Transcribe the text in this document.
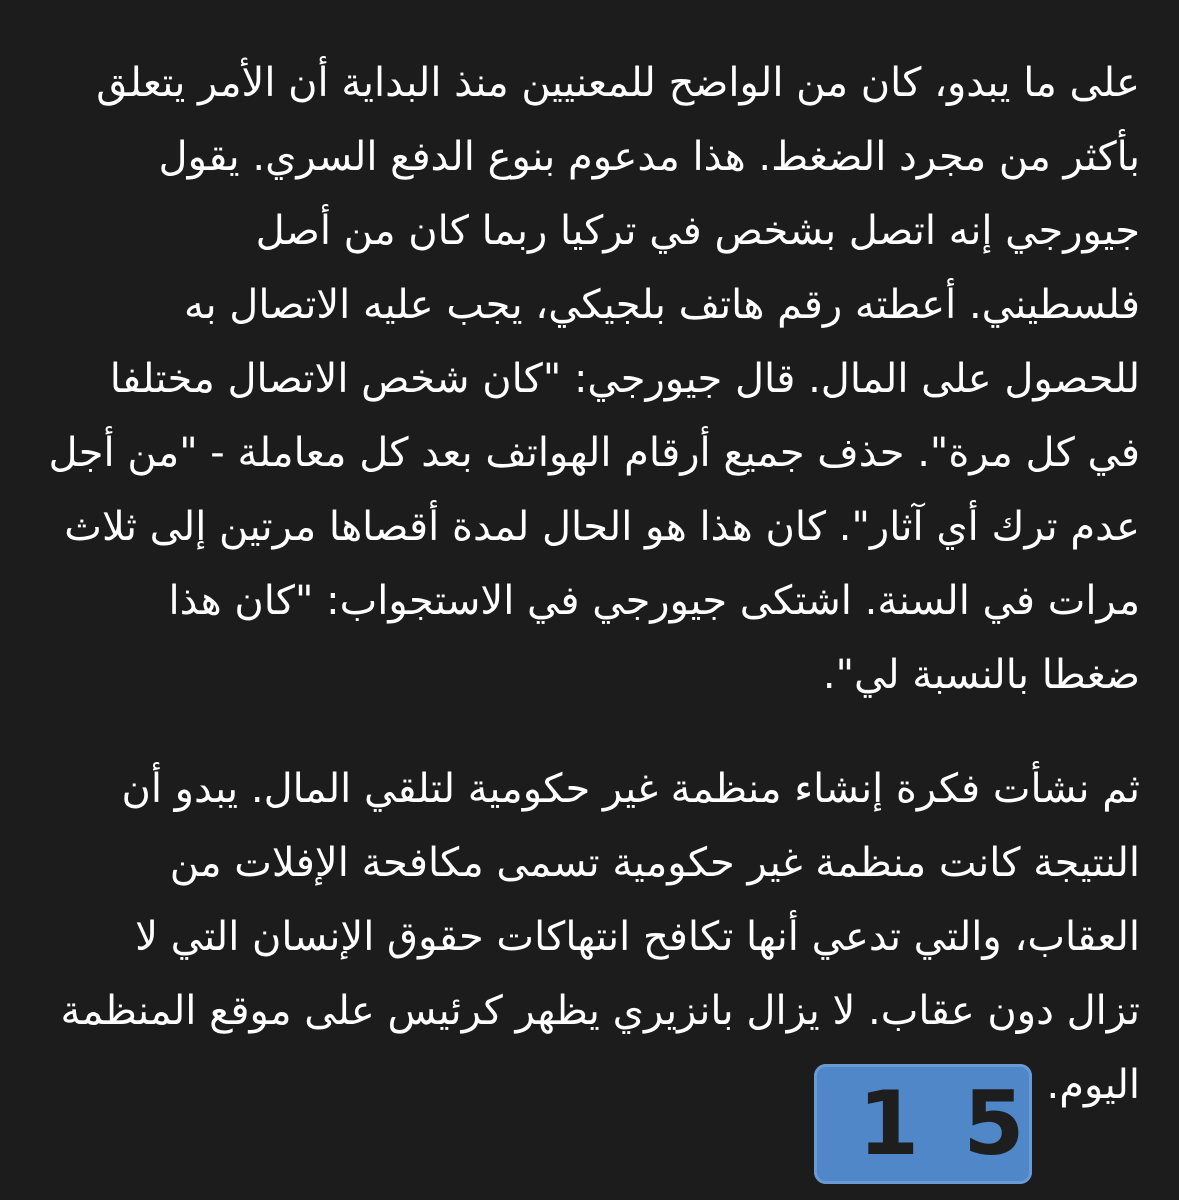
على ما يبدو، كان من الواضح للمعنيين منذ البداية أن الأمر يتعلق
بأكثر من مجرد الضغط. هذا مدعوم بنوع الدفع السري. يقول
جيورجي إنه اتصل بشخص في تركيا ربما كان من أصل
فلسطيني. أعطته رقم هاتف بلجيكي، يجب عليه الاتصال به
للحصول على المال. قال جيورجي: "كان شخص الاتصال مختلفا
في كل مرة". حذف جميع أرقام الهواتف بعد كل معاملة - "من أجل
عدم ترك أي آثار". كان هذا هو الحال لمدة أقصاها مرتين إلى ثلاث
مرات في السنة. اشتكى جيورجي في الاستجواب: "كان هذا
ضغطا بالنسبة لي".
ثم نشأت فكرة إنشاء منظمة غير حكومية لتلقي المال. يبدو أن
النتيجة كانت منظمة غير حكومية تسمى مكافحة الإفلات من
العقاب، والتي تدعي أنها تكافح انتهاكات حقوق الإنسان التي لا
تزال دون عقاب. لا يزال بانزيري يظهر كرئيس على موقع المنظمة
اليوم.
15
